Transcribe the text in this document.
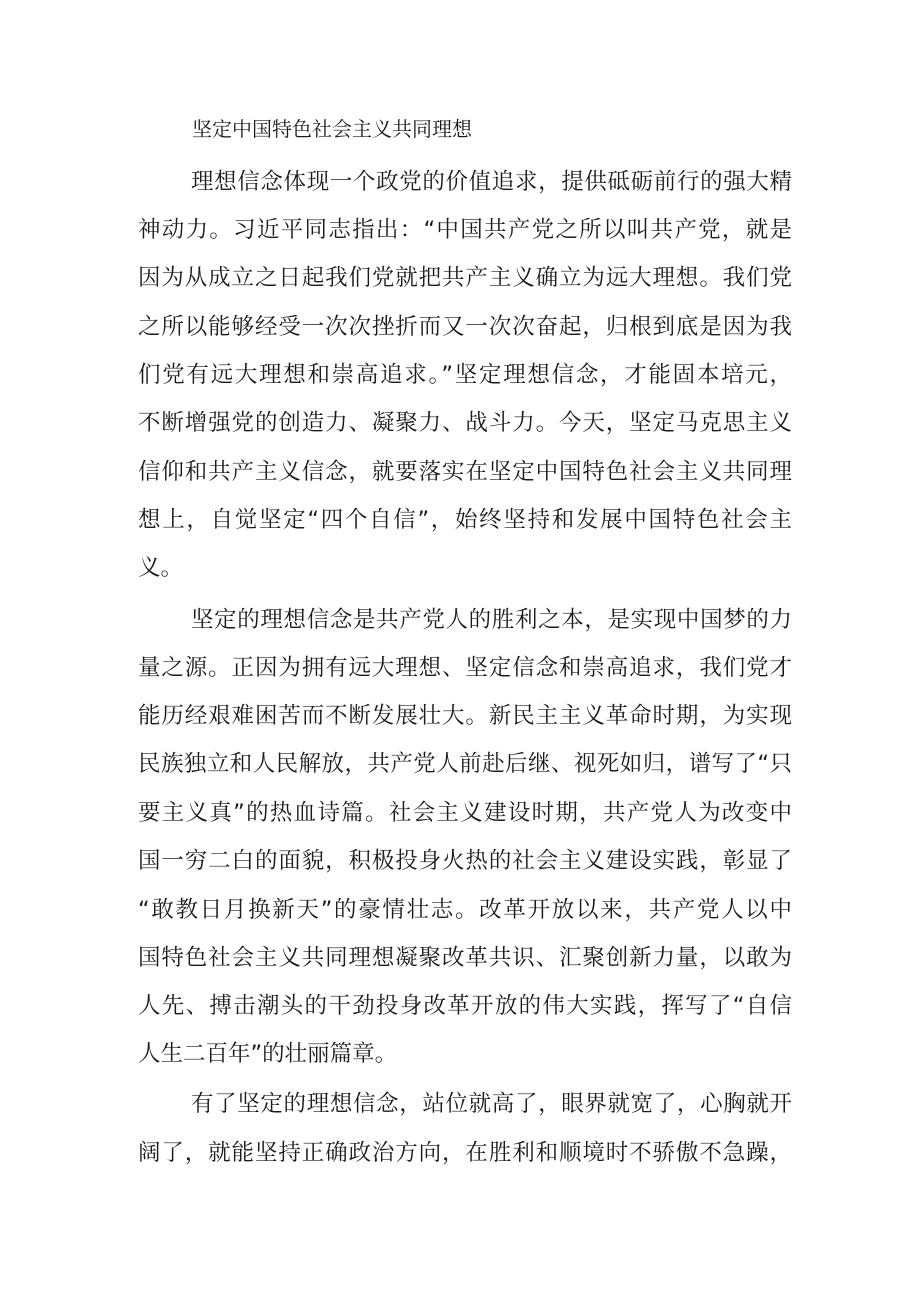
坚定中国特色社会主义共同理想
理想信念体现一个政党的价值追求，提供砥砺前行的强大精
神动力。习近平同志指出：“中国共产党之所以叫共产党，就是
因为从成立之日起我们党就把共产主义确立为远大理想。我们党
之所以能够经受一次次挫折而又一次次奋起，归根到底是因为我
们党有远大理想和崇高追求。”坚定理想信念，才能固本培元，
不断增强党的创造力、凝聚力、战斗力。今天，坚定马克思主义
信仰和共产主义信念，就要落实在坚定中国特色社会主义共同理
想上，自觉坚定“四个自信”，始终坚持和发展中国特色社会主
义。
坚定的理想信念是共产党人的胜利之本，是实现中国梦的力
量之源。正因为拥有远大理想、坚定信念和崇高追求，我们党才
能历经艰难困苦而不断发展壮大。新民主主义革命时期，为实现
民族独立和人民解放，共产党人前赴后继、视死如归，谱写了“只
要主义真”的热血诗篇。社会主义建设时期，共产党人为改变中
国一穷二白的面貌，积极投身火热的社会主义建设实践，彰显了
“敢教日月换新天”的豪情壮志。改革开放以来，共产党人以中
国特色社会主义共同理想凝聚改革共识、汇聚创新力量，以敢为
人先、搏击潮头的干劲投身改革开放的伟大实践，挥写了“自信
人生二百年”的壮丽篇章。
有了坚定的理想信念，站位就高了，眼界就宽了，心胸就开
阔了，就能坚持正确政治方向，在胜利和顺境时不骄傲不急躁，
